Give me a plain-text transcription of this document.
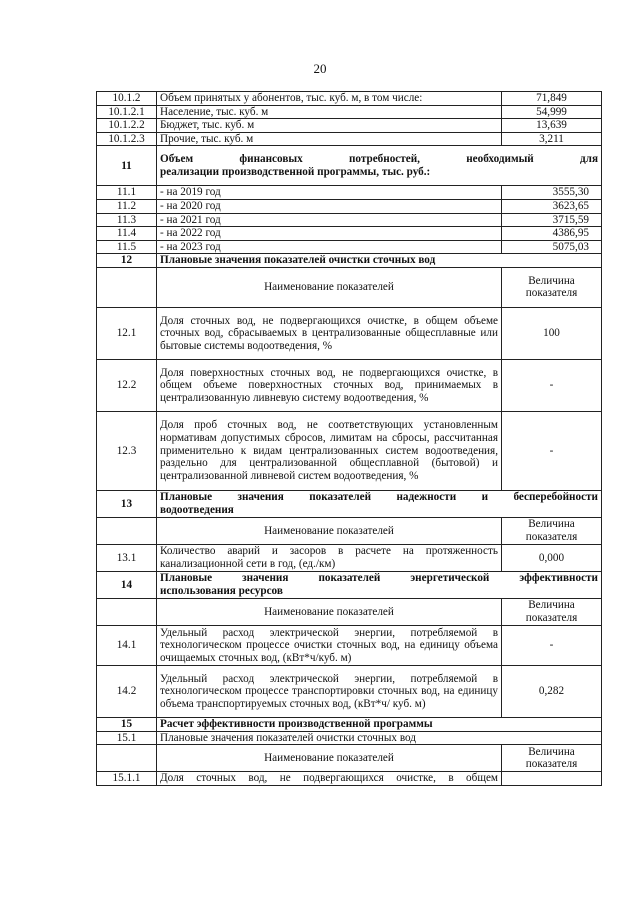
20
10.1.2	Объем принятых у абонентов, тыс. куб. м, в том числе:	71,849
10.1.2.1	Население, тыс. куб. м	54,999
10.1.2.2	Бюджет, тыс. куб. м	13,639
10.1.2.3	Прочие, тыс. куб. м	3,211
11	Объем финансовых потребностей, необходимый для
реализации производственной программы, тыс. руб.:	

11.1	- на 2019 год	3555,30
11.2	- на 2020 год	3623,65
11.3	- на 2021 год	3715,59
11.4	- на 2022 год	4386,95
11.5	- на 2023 год	5075,03
12	Плановые значения показателей очистки сточных вод	
	Наименование показателей	Величина
показателя

12.1	Доля сточных вод, не подвергающихся очистке, в общем объеме сточных вод, сбрасываемых в централизованные общесплавные или бытовые системы водоотведения, %	100
12.2	Доля поверхностных сточных вод, не подвергающихся очистке, в общем объеме поверхностных сточных вод, принимаемых в централизованную ливневую систему водоотведения, %	-
12.3	Доля проб сточных вод, не соответствующих установленным нормативам допустимых сбросов, лимитам на сбросы, рассчитанная применительно к видам централизованных систем водоотведения, раздельно для централизованной общесплавной (бытовой) и централизованной ливневой систем водоотведения, %	-
13	Плановые значения показателей надежности и бесперебойности
водоотведения	

	Наименование показателей	Величина
показателя

13.1	Количество аварий и засоров в расчете на протяженность канализационной сети в год, (ед./км)	0,000
14	Плановые значения показателей энергетической эффективности
использования ресурсов	

	Наименование показателей	Величина
показателя

14.1	Удельный расход электрической энергии, потребляемой в технологическом процессе очистки сточных вод, на единицу объема очищаемых сточных вод, (кВт*ч/куб. м)	-
14.2	Удельный расход электрической энергии, потребляемой в технологическом процессе транспортировки сточных вод, на единицу объема транспортируемых сточных вод, (кВт*ч/ куб. м)	0,282
15	Расчет эффективности производственной программы	
15.1	Плановые значения показателей очистки сточных вод	
	Наименование показателей	Величина
показателя

15.1.1	Доля сточных вод, не подвергающихся очистке, в общем	
